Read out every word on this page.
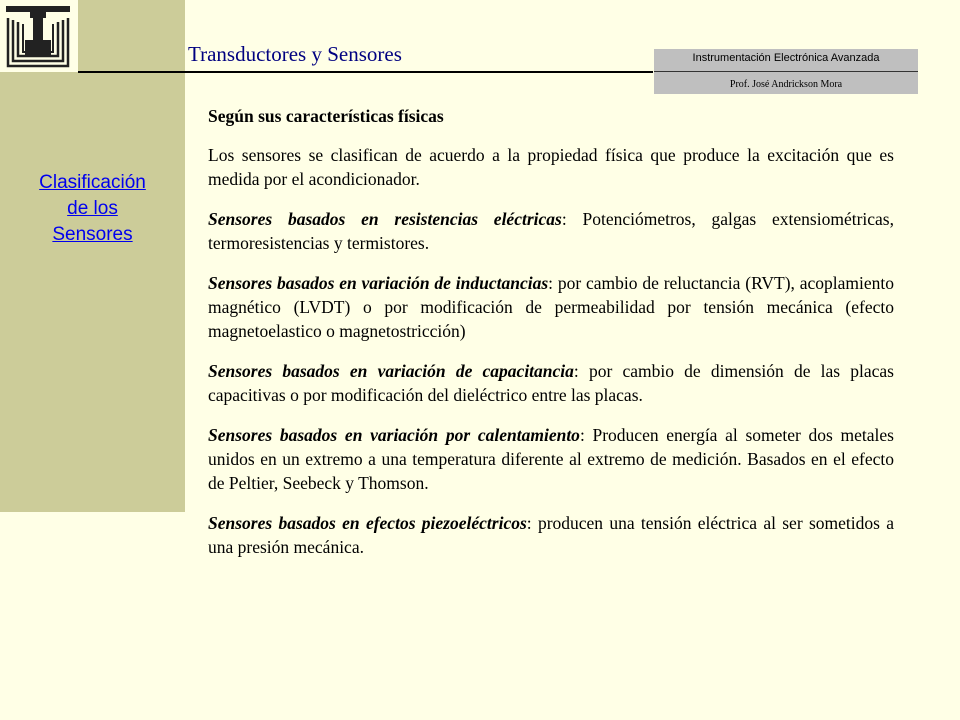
Clasificación
de los
Sensores
Transductores y Sensores	Instrumentación Electrónica Avanzada
Prof. José Andrickson Mora

Según sus características físicas

Los sensores se clasifican de acuerdo a la propiedad física que produce la excitación que es medida por el acondicionador.

Sensores basados en resistencias eléctricas: Potenciómetros, galgas extensiométricas, termoresistencias y termistores.

Sensores basados en variación de inductancias: por cambio de reluctancia (RVT), acoplamiento magnético (LVDT) o por modificación de permeabilidad por tensión mecánica (efecto magnetoelastico o magnetostricción)

Sensores basados en variación de capacitancia: por cambio de dimensión de las placas capacitivas o por modificación del dieléctrico entre las placas.

Sensores basados en variación por calentamiento: Producen energía al someter dos metales unidos en un extremo a una temperatura diferente al extremo de medición. Basados en el efecto de Peltier, Seebeck y Thomson.

Sensores basados en efectos piezoeléctricos: producen una tensión eléctrica al ser sometidos a una presión mecánica.
